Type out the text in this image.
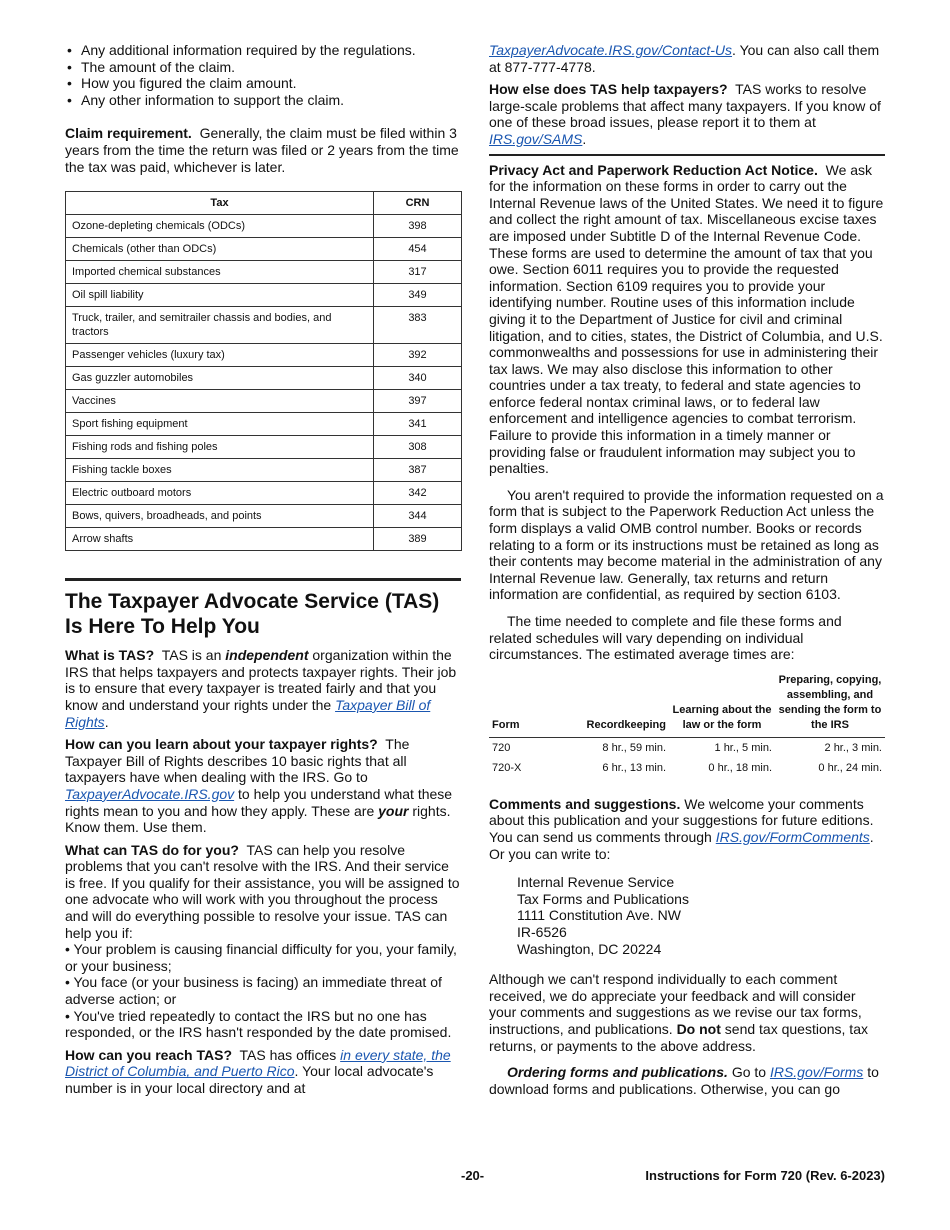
• Any additional information required by the regulations.
• The amount of the claim.
• How you figured the claim amount.
• Any other information to support the claim.

Claim requirement. Generally, the claim must be filed within 3 years from the time the return was filed or 2 years from the time the tax was paid, whichever is later.

Tax	CRN
Ozone-depleting chemicals (ODCs)	398
Chemicals (other than ODCs)	454
Imported chemical substances	317
Oil spill liability	349
Truck, trailer, and semitrailer chassis and bodies, and tractors	383
Passenger vehicles (luxury tax)	392
Gas guzzler automobiles	340
Vaccines	397
Sport fishing equipment	341
Fishing rods and fishing poles	308
Fishing tackle boxes	387
Electric outboard motors	342
Bows, quivers, broadheads, and points	344
Arrow shafts	389
The Taxpayer Advocate Service (TAS) Is Here To Help You

What is TAS? TAS is an independent organization within the IRS that helps taxpayers and protects taxpayer rights. Their job is to ensure that every taxpayer is treated fairly and that you know and understand your rights under the Taxpayer Bill of Rights.

How can you learn about your taxpayer rights? The Taxpayer Bill of Rights describes 10 basic rights that all taxpayers have when dealing with the IRS. Go to TaxpayerAdvocate.IRS.gov to help you understand what these rights mean to you and how they apply. These are your rights. Know them. Use them.

What can TAS do for you? TAS can help you resolve problems that you can't resolve with the IRS. And their service is free. If you qualify for their assistance, you will be assigned to one advocate who will work with you throughout the process and will do everything possible to resolve your issue. TAS can help you if:

• Your problem is causing financial difficulty for you, your family, or your business;
• You face (or your business is facing) an immediate threat of adverse action; or
• You've tried repeatedly to contact the IRS but no one has responded, or the IRS hasn't responded by the date promised.

How can you reach TAS? TAS has offices in every state, the District of Columbia, and Puerto Rico. Your local advocate's number is in your local directory and at

TaxpayerAdvocate.IRS.gov/Contact-Us. You can also call them at 877-777-4778.

How else does TAS help taxpayers? TAS works to resolve large-scale problems that affect many taxpayers. If you know of one of these broad issues, please report it to them at IRS.gov/SAMS.

Privacy Act and Paperwork Reduction Act Notice. We ask for the information on these forms in order to carry out the Internal Revenue laws of the United States. We need it to figure and collect the right amount of tax. Miscellaneous excise taxes are imposed under Subtitle D of the Internal Revenue Code. These forms are used to determine the amount of tax that you owe. Section 6011 requires you to provide the requested information. Section 6109 requires you to provide your identifying number. Routine uses of this information include giving it to the Department of Justice for civil and criminal litigation, and to cities, states, the District of Columbia, and U.S. commonwealths and possessions for use in administering their tax laws. We may also disclose this information to other countries under a tax treaty, to federal and state agencies to enforce federal nontax criminal laws, or to federal law enforcement and intelligence agencies to combat terrorism. Failure to provide this information in a timely manner or providing false or fraudulent information may subject you to penalties.

You aren't required to provide the information requested on a form that is subject to the Paperwork Reduction Act unless the form displays a valid OMB control number. Books or records relating to a form or its instructions must be retained as long as their contents may become material in the administration of any Internal Revenue law. Generally, tax returns and return information are confidential, as required by section 6103.

The time needed to complete and file these forms and related schedules will vary depending on individual circumstances. The estimated average times are:

Form	Recordkeeping	Learning about the law or the form	Preparing, copying, assembling, and sending the form to the IRS
720	8 hr., 59 min.	1 hr., 5 min.	2 hr., 3 min.
720-X	6 hr., 13 min.	0 hr., 18 min.	0 hr., 24 min.

Comments and suggestions. We welcome your comments about this publication and your suggestions for future editions. You can send us comments through IRS.gov/FormComments. Or you can write to:

Internal Revenue Service
Tax Forms and Publications
1111 Constitution Ave. NW
IR-6526
Washington, DC 20224

Although we can't respond individually to each comment received, we do appreciate your feedback and will consider your comments and suggestions as we revise our tax forms, instructions, and publications. Do not send tax questions, tax returns, or payments to the above address.

Ordering forms and publications. Go to IRS.gov/Forms to download forms and publications. Otherwise, you can go

-20-	Instructions for Form 720 (Rev. 6-2023)
